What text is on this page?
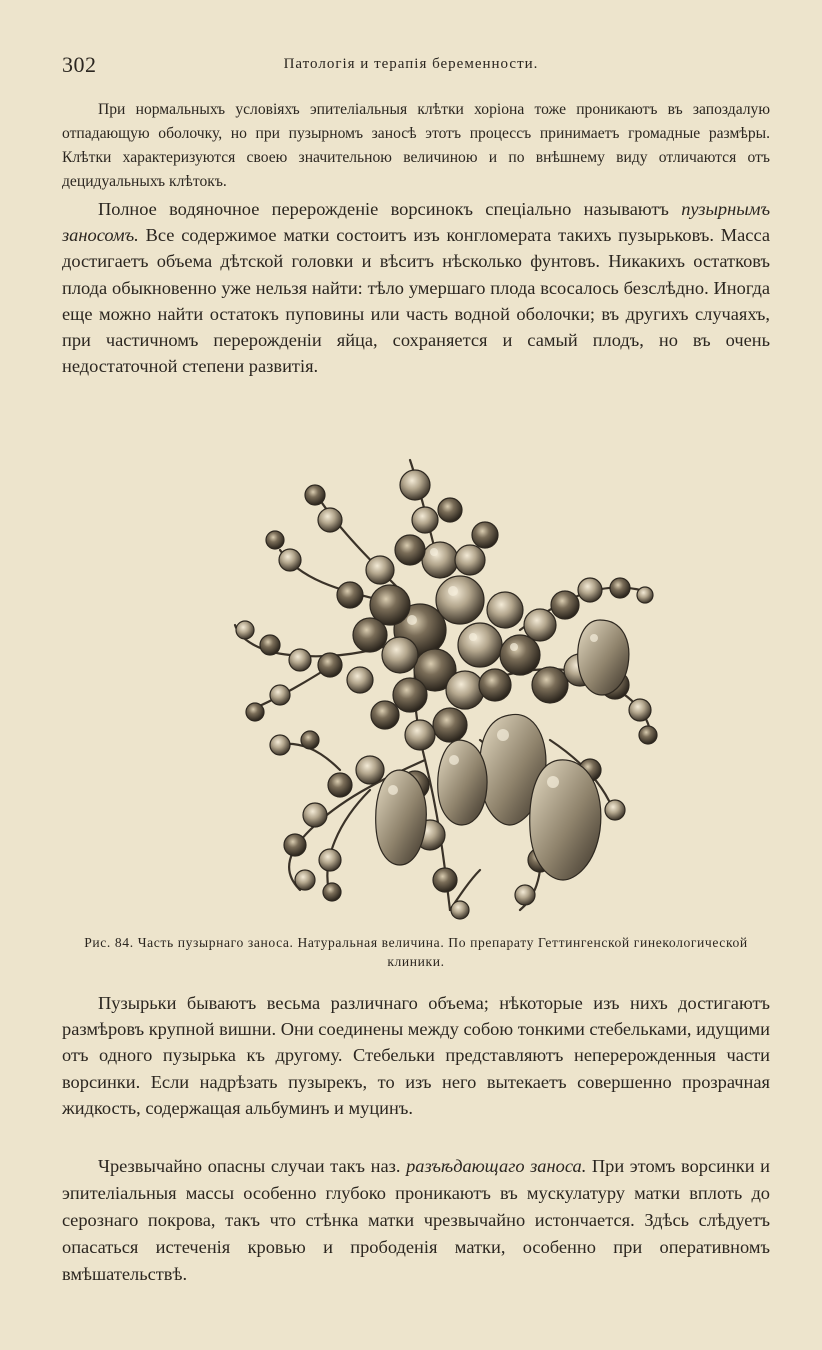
302	Патологія и терапія беременности.

При нормальныхъ условіяхъ эпителіальныя клѣтки хоріона тоже проникаютъ въ запоздалую отпадающую оболочку, но при пузырномъ заносѣ этотъ процессъ принимаетъ громадные размѣры. Клѣтки характеризуются своею значительною величиною и по внѣшнему виду отличаются отъ децидуальныхъ клѣтокъ.

Полное водяночное перерожденіе ворсинокъ спеціально называютъ пузырнымъ заносомъ. Все содержимое матки состоитъ изъ конгломерата такихъ пузырьковъ. Масса достигаетъ объема дѣтской головки и вѣситъ нѣсколько фунтовъ. Никакихъ остатковъ плода обыкновенно уже нельзя найти: тѣло умершаго плода всосалось безслѣдно. Иногда еще можно найти остатокъ пуповины или часть водной оболочки; въ другихъ случаяхъ, при частичномъ перерожденіи яйца, сохраняется и самый плодъ, но въ очень недостаточной степени развитія.

Рис. 84. Часть пузырнаго заноса. Натуральная величина. По препарату Геттингенской гинекологической клиники.

Пузырьки бываютъ весьма различнаго объема; нѣкоторые изъ нихъ достигаютъ размѣровъ крупной вишни. Они соединены между собою тонкими стебельками, идущими отъ одного пузырька къ другому. Стебельки представляютъ неперерожденныя части ворсинки. Если надрѣзать пузырекъ, то изъ него вытекаетъ совершенно прозрачная жидкость, содержащая альбуминъ и муцинъ.

Чрезвычайно опасны случаи такъ наз. разъѣдающаго заноса. При этомъ ворсинки и эпителіальныя массы особенно глубоко проникаютъ въ мускулатуру матки вплоть до сeрознаго покрова, такъ что стѣнка матки чрезвычайно истончается. Здѣсь слѣдуетъ опасаться истеченія кровью и прободенія матки, особенно при оперативномъ вмѣшательствѣ.
